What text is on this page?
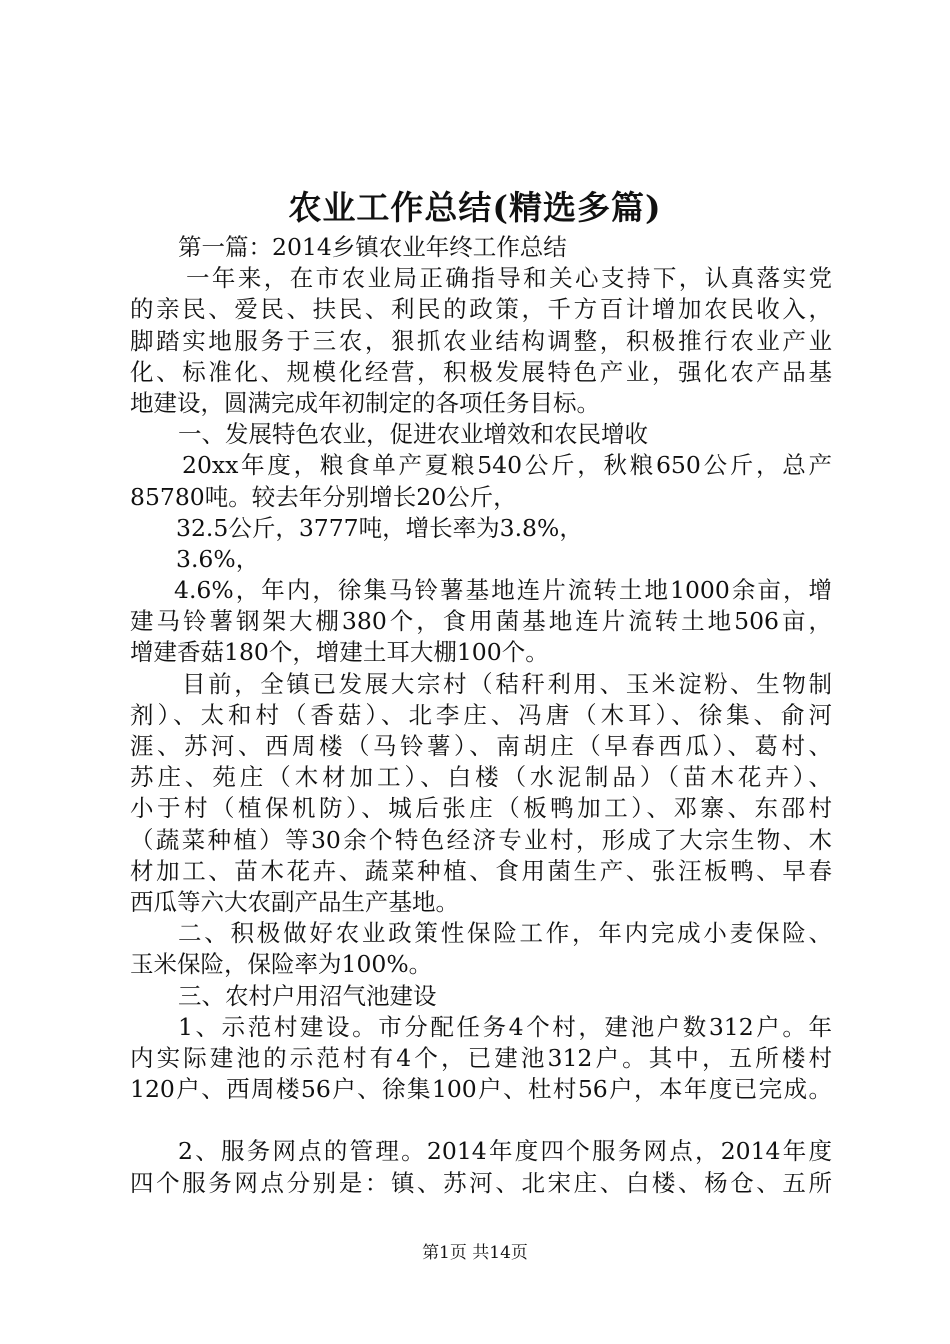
农业工作总结(精选多篇)
第一篇：2014乡镇农业年终工作总结
一年来，在市农业局正确指导和关心支持下，认真落实党
的亲民、爱民、扶民、利民的政策，千方百计增加农民收入，
脚踏实地服务于三农，狠抓农业结构调整，积极推行农业产业
化、标准化、规模化经营，积极发展特色产业，强化农产品基
地建设，圆满完成年初制定的各项任务目标。
一、发展特色农业，促进农业增效和农民增收
20xx年度，粮食单产夏粮540公斤，秋粮650公斤，总产
85780吨。较去年分别增长20公斤，
32.5公斤，3777吨，增长率为3.8%，
3.6%，
4.6%，年内，徐集马铃薯基地连片流转土地1000余亩，增
建马铃薯钢架大棚380个，食用菌基地连片流转土地506亩，
增建香菇180个，增建土耳大棚100个。
目前，全镇已发展大宗村（秸秆利用、玉米淀粉、生物制
剂）、太和村（香菇）、北李庄、冯唐（木耳）、徐集、俞河
涯、苏河、西周楼（马铃薯）、南胡庄（早春西瓜）、葛村、
苏庄、苑庄（木材加工）、白楼（水泥制品）（苗木花卉）、
小于村（植保机防）、城后张庄（板鸭加工）、邓寨、东邵村
（蔬菜种植）等30余个特色经济专业村，形成了大宗生物、木
材加工、苗木花卉、蔬菜种植、食用菌生产、张汪板鸭、早春
西瓜等六大农副产品生产基地。
二、积极做好农业政策性保险工作，年内完成小麦保险、
玉米保险，保险率为100%。
三、农村户用沼气池建设
1、示范村建设。市分配任务4个村，建池户数312户。年
内实际建池的示范村有4个，已建池312户。其中，五所楼村
120户、西周楼56户、徐集100户、杜村56户，本年度已完成。
2、服务网点的管理。2014年度四个服务网点，2014年度
四个服务网点分别是：镇、苏河、北宋庄、白楼、杨仓、五所
第1页 共14页
